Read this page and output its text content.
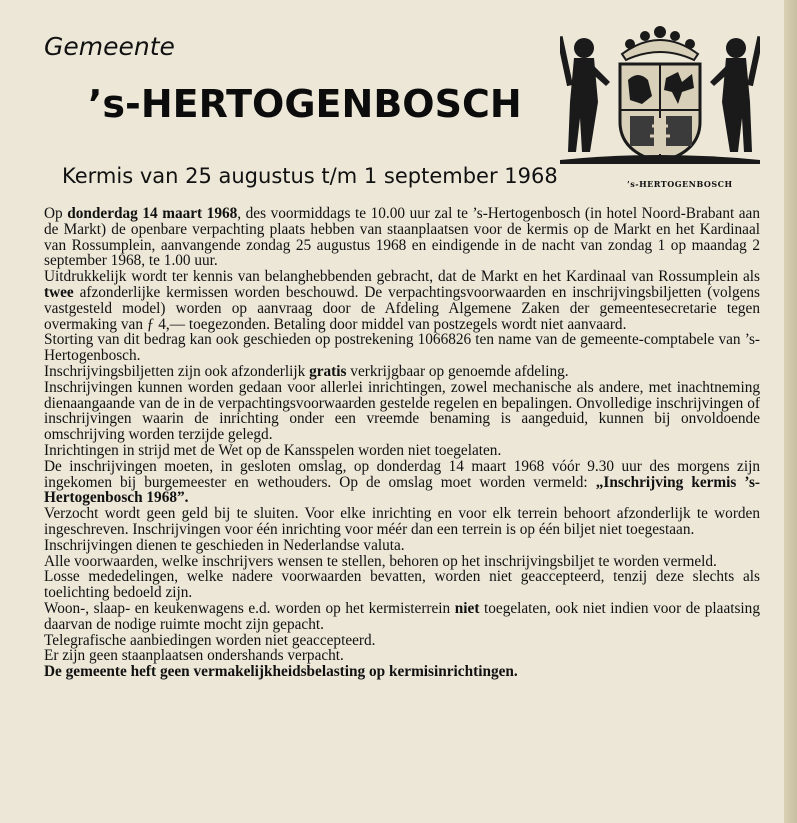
Gemeente
’s-HERTOGENBOSCH
Kermis van 25 augustus t/m 1 september 1968	’s-HERTOGENBOSCH

Op donderdag 14 maart 1968, des voormiddags te 10.00 uur zal te ’s-Hertogenbosch (in hotel Noord-Brabant aan de Markt) de openbare verpachting plaats hebben van staanplaatsen voor de kermis op de Markt en het Kardinaal van Rossumplein, aanvangende zondag 25 augustus 1968 en eindigende in de nacht van zondag 1 op maandag 2 september 1968, te 1.00 uur.

Uitdrukkelijk wordt ter kennis van belanghebbenden gebracht, dat de Markt en het Kardinaal van Rossumplein als twee afzonderlijke kermissen worden beschouwd. De verpachtingsvoorwaarden en inschrijvingsbiljetten (volgens vastgesteld model) worden op aanvraag door de Afdeling Algemene Zaken der gemeentesecretarie tegen overmaking van ƒ 4,— toegezonden. Betaling door middel van postzegels wordt niet aanvaard.

Storting van dit bedrag kan ook geschieden op postrekening 1066826 ten name van de gemeente-comptabele van ’s-Hertogenbosch.

Inschrijvingsbiljetten zijn ook afzonderlijk gratis verkrijgbaar op genoemde afdeling.

Inschrijvingen kunnen worden gedaan voor allerlei inrichtingen, zowel mechanische als andere, met inachtneming dienaangaande van de in de verpachtingsvoorwaarden gestelde regelen en bepalingen. Onvolledige inschrijvingen of inschrijvingen waarin de inrichting onder een vreemde benaming is aangeduid, kunnen bij onvoldoende omschrijving worden terzijde gelegd.

Inrichtingen in strijd met de Wet op de Kansspelen worden niet toegelaten.

De inschrijvingen moeten, in gesloten omslag, op donderdag 14 maart 1968 vóór 9.30 uur des morgens zijn ingekomen bij burgemeester en wethouders. Op de omslag moet worden vermeld: „Inschrijving kermis ’s-Hertogenbosch 1968”.

Verzocht wordt geen geld bij te sluiten. Voor elke inrichting en voor elk terrein behoort afzonderlijk te worden ingeschreven. Inschrijvingen voor één inrichting voor méér dan een terrein is op één biljet niet toegestaan.

Inschrijvingen dienen te geschieden in Nederlandse valuta.

Alle voorwaarden, welke inschrijvers wensen te stellen, behoren op het inschrijvingsbiljet te worden vermeld.

Losse mededelingen, welke nadere voorwaarden bevatten, worden niet geaccepteerd, tenzij deze slechts als toelichting bedoeld zijn.

Woon-, slaap- en keukenwagens e.d. worden op het kermisterrein niet toegelaten, ook niet indien voor de plaatsing daarvan de nodige ruimte mocht zijn gepacht.

Telegrafische aanbiedingen worden niet geaccepteerd.

Er zijn geen staanplaatsen ondershands verpacht.

De gemeente heft geen vermakelijkheidsbelasting op kermisinrichtingen.
